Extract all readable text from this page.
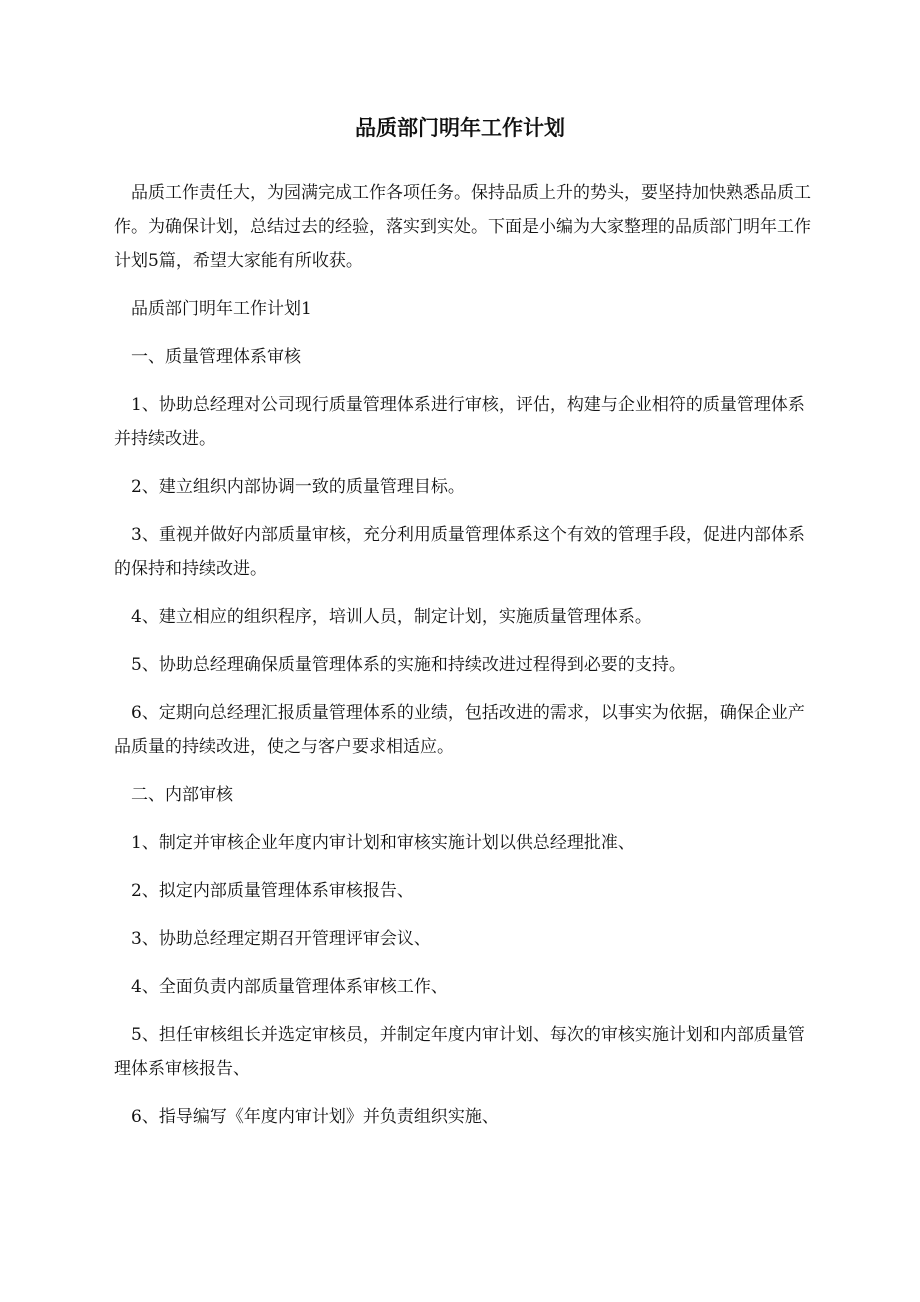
品质部门明年工作计划

品质工作责任大，为园满完成工作各项任务。保持品质上升的势头，要坚持加快熟悉品质工作。为确保计划，总结过去的经验，落实到实处。下面是小编为大家整理的品质部门明年工作计划5篇，希望大家能有所收获。

品质部门明年工作计划1

一、质量管理体系审核

1、协助总经理对公司现行质量管理体系进行审核，评估，构建与企业相符的质量管理体系并持续改进。

2、建立组织内部协调一致的质量管理目标。

3、重视并做好内部质量审核，充分利用质量管理体系这个有效的管理手段，促进内部体系的保持和持续改进。

4、建立相应的组织程序，培训人员，制定计划，实施质量管理体系。

5、协助总经理确保质量管理体系的实施和持续改进过程得到必要的支持。

6、定期向总经理汇报质量管理体系的业绩，包括改进的需求，以事实为依据，确保企业产品质量的持续改进，使之与客户要求相适应。

二、内部审核

1、制定并审核企业年度内审计划和审核实施计划以供总经理批准、

2、拟定内部质量管理体系审核报告、

3、协助总经理定期召开管理评审会议、

4、全面负责内部质量管理体系审核工作、

5、担任审核组长并选定审核员，并制定年度内审计划、每次的审核实施计划和内部质量管理体系审核报告、

6、指导编写《年度内审计划》并负责组织实施、
